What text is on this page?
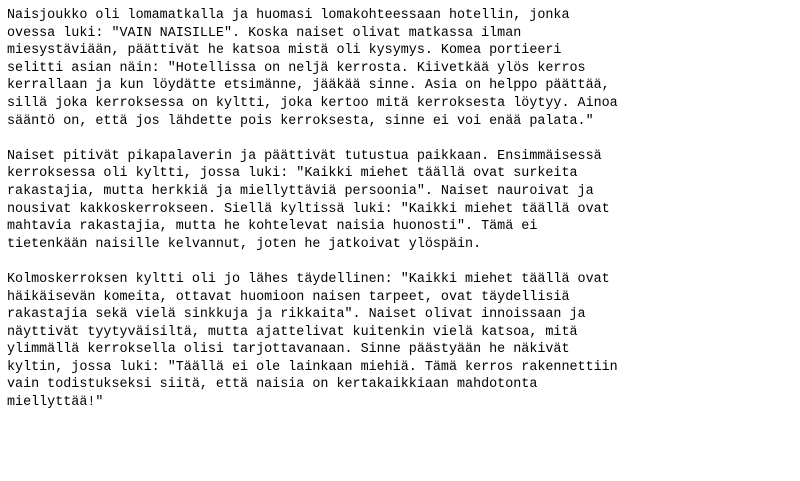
Naisjoukko oli lomamatkalla ja huomasi lomakohteessaan hotellin, jonka
ovessa luki: "VAIN NAISILLE". Koska naiset olivat matkassa ilman
miesystäviään, päättivät he katsoa mistä oli kysymys. Komea portieeri
selitti asian näin: "Hotellissa on neljä kerrosta. Kiivetkää ylös kerros
kerrallaan ja kun löydätte etsimänne, jääkää sinne. Asia on helppo päättää,
sillä joka kerroksessa on kyltti, joka kertoo mitä kerroksesta löytyy. Ainoa
sääntö on, että jos lähdette pois kerroksesta, sinne ei voi enää palata."

Naiset pitivät pikapalaverin ja päättivät tutustua paikkaan. Ensimmäisessä
kerroksessa oli kyltti, jossa luki: "Kaikki miehet täällä ovat surkeita
rakastajia, mutta herkkiä ja miellyttäviä persoonia". Naiset nauroivat ja
nousivat kakkoskerrokseen. Siellä kyltissä luki: "Kaikki miehet täällä ovat
mahtavia rakastajia, mutta he kohtelevat naisia huonosti". Tämä ei
tietenkään naisille kelvannut, joten he jatkoivat ylöspäin.

Kolmoskerroksen kyltti oli jo lähes täydellinen: "Kaikki miehet täällä ovat
häikäisevän komeita, ottavat huomioon naisen tarpeet, ovat täydellisiä
rakastajia sekä vielä sinkkuja ja rikkaita". Naiset olivat innoissaan ja
näyttivät tyytyväisiltä, mutta ajattelivat kuitenkin vielä katsoa, mitä
ylimmällä kerroksella olisi tarjottavanaan. Sinne päästyään he näkivät
kyltin, jossa luki: "Täällä ei ole lainkaan miehiä. Tämä kerros rakennettiin
vain todistukseksi siitä, että naisia on kertakaikkiaan mahdotonta
miellyttää!"
